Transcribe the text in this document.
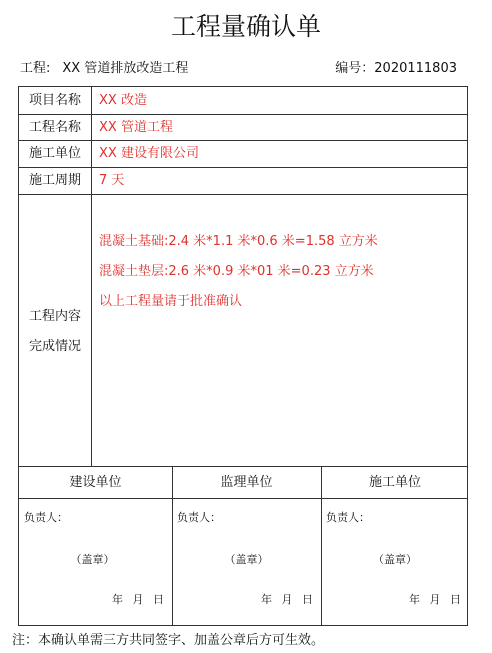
工程量确认单
工程: XX 管道排放改造工程	编号：2020111803
项目名称	XX 改造
工程名称	XX 管道工程
施工单位	XX 建设有限公司
施工周期	7 天
工程内容
完成情况
混凝土基础:2.4 米*1.1 米*0.6 米=1.58 立方米
混凝土垫层:2.6 米*0.9 米*01 米=0.23 立方米
以上工程量请于批准确认
建设单位	监理单位	施工单位
负责人：
（盖章）
年 月 日
负责人：
（盖章）
年 月 日
负责人：
（盖章）
年 月 日
注：本确认单需三方共同签字、加盖公章后方可生效。
